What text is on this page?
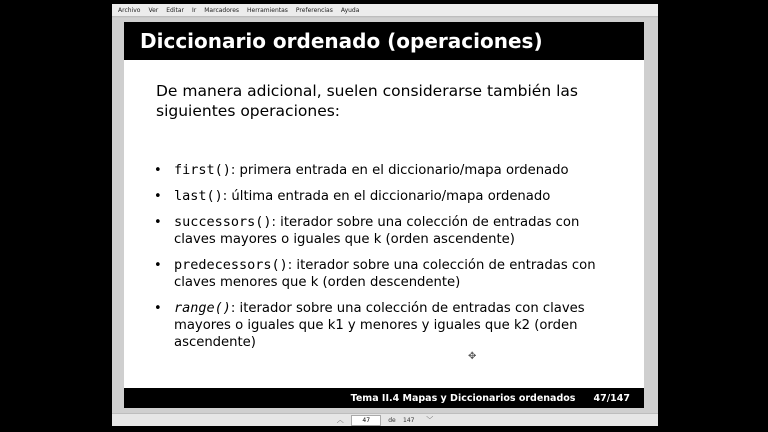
Archivo	Ver	Editar	Ir	Marcadores	Herramientas	Preferencias	Ayuda
Diccionario ordenado (operaciones)
De manera adicional, suelen considerarse también las siguientes operaciones:
• first(): primera entrada en el diccionario/mapa ordenado
• last(): última entrada en el diccionario/mapa ordenado
• successors(): iterador sobre una colección de entradas con claves mayores o iguales que k (orden ascendente)
• predecessors(): iterador sobre una colección de entradas con claves menores que k (orden descendente)
• range(): iterador sobre una colección de entradas con claves mayores o iguales que k1 y menores y iguales que k2 (orden ascendente)
✥
Tema II.4 Mapas y Diccionarios ordenados 47/147
︿
47	de	147	﹀
